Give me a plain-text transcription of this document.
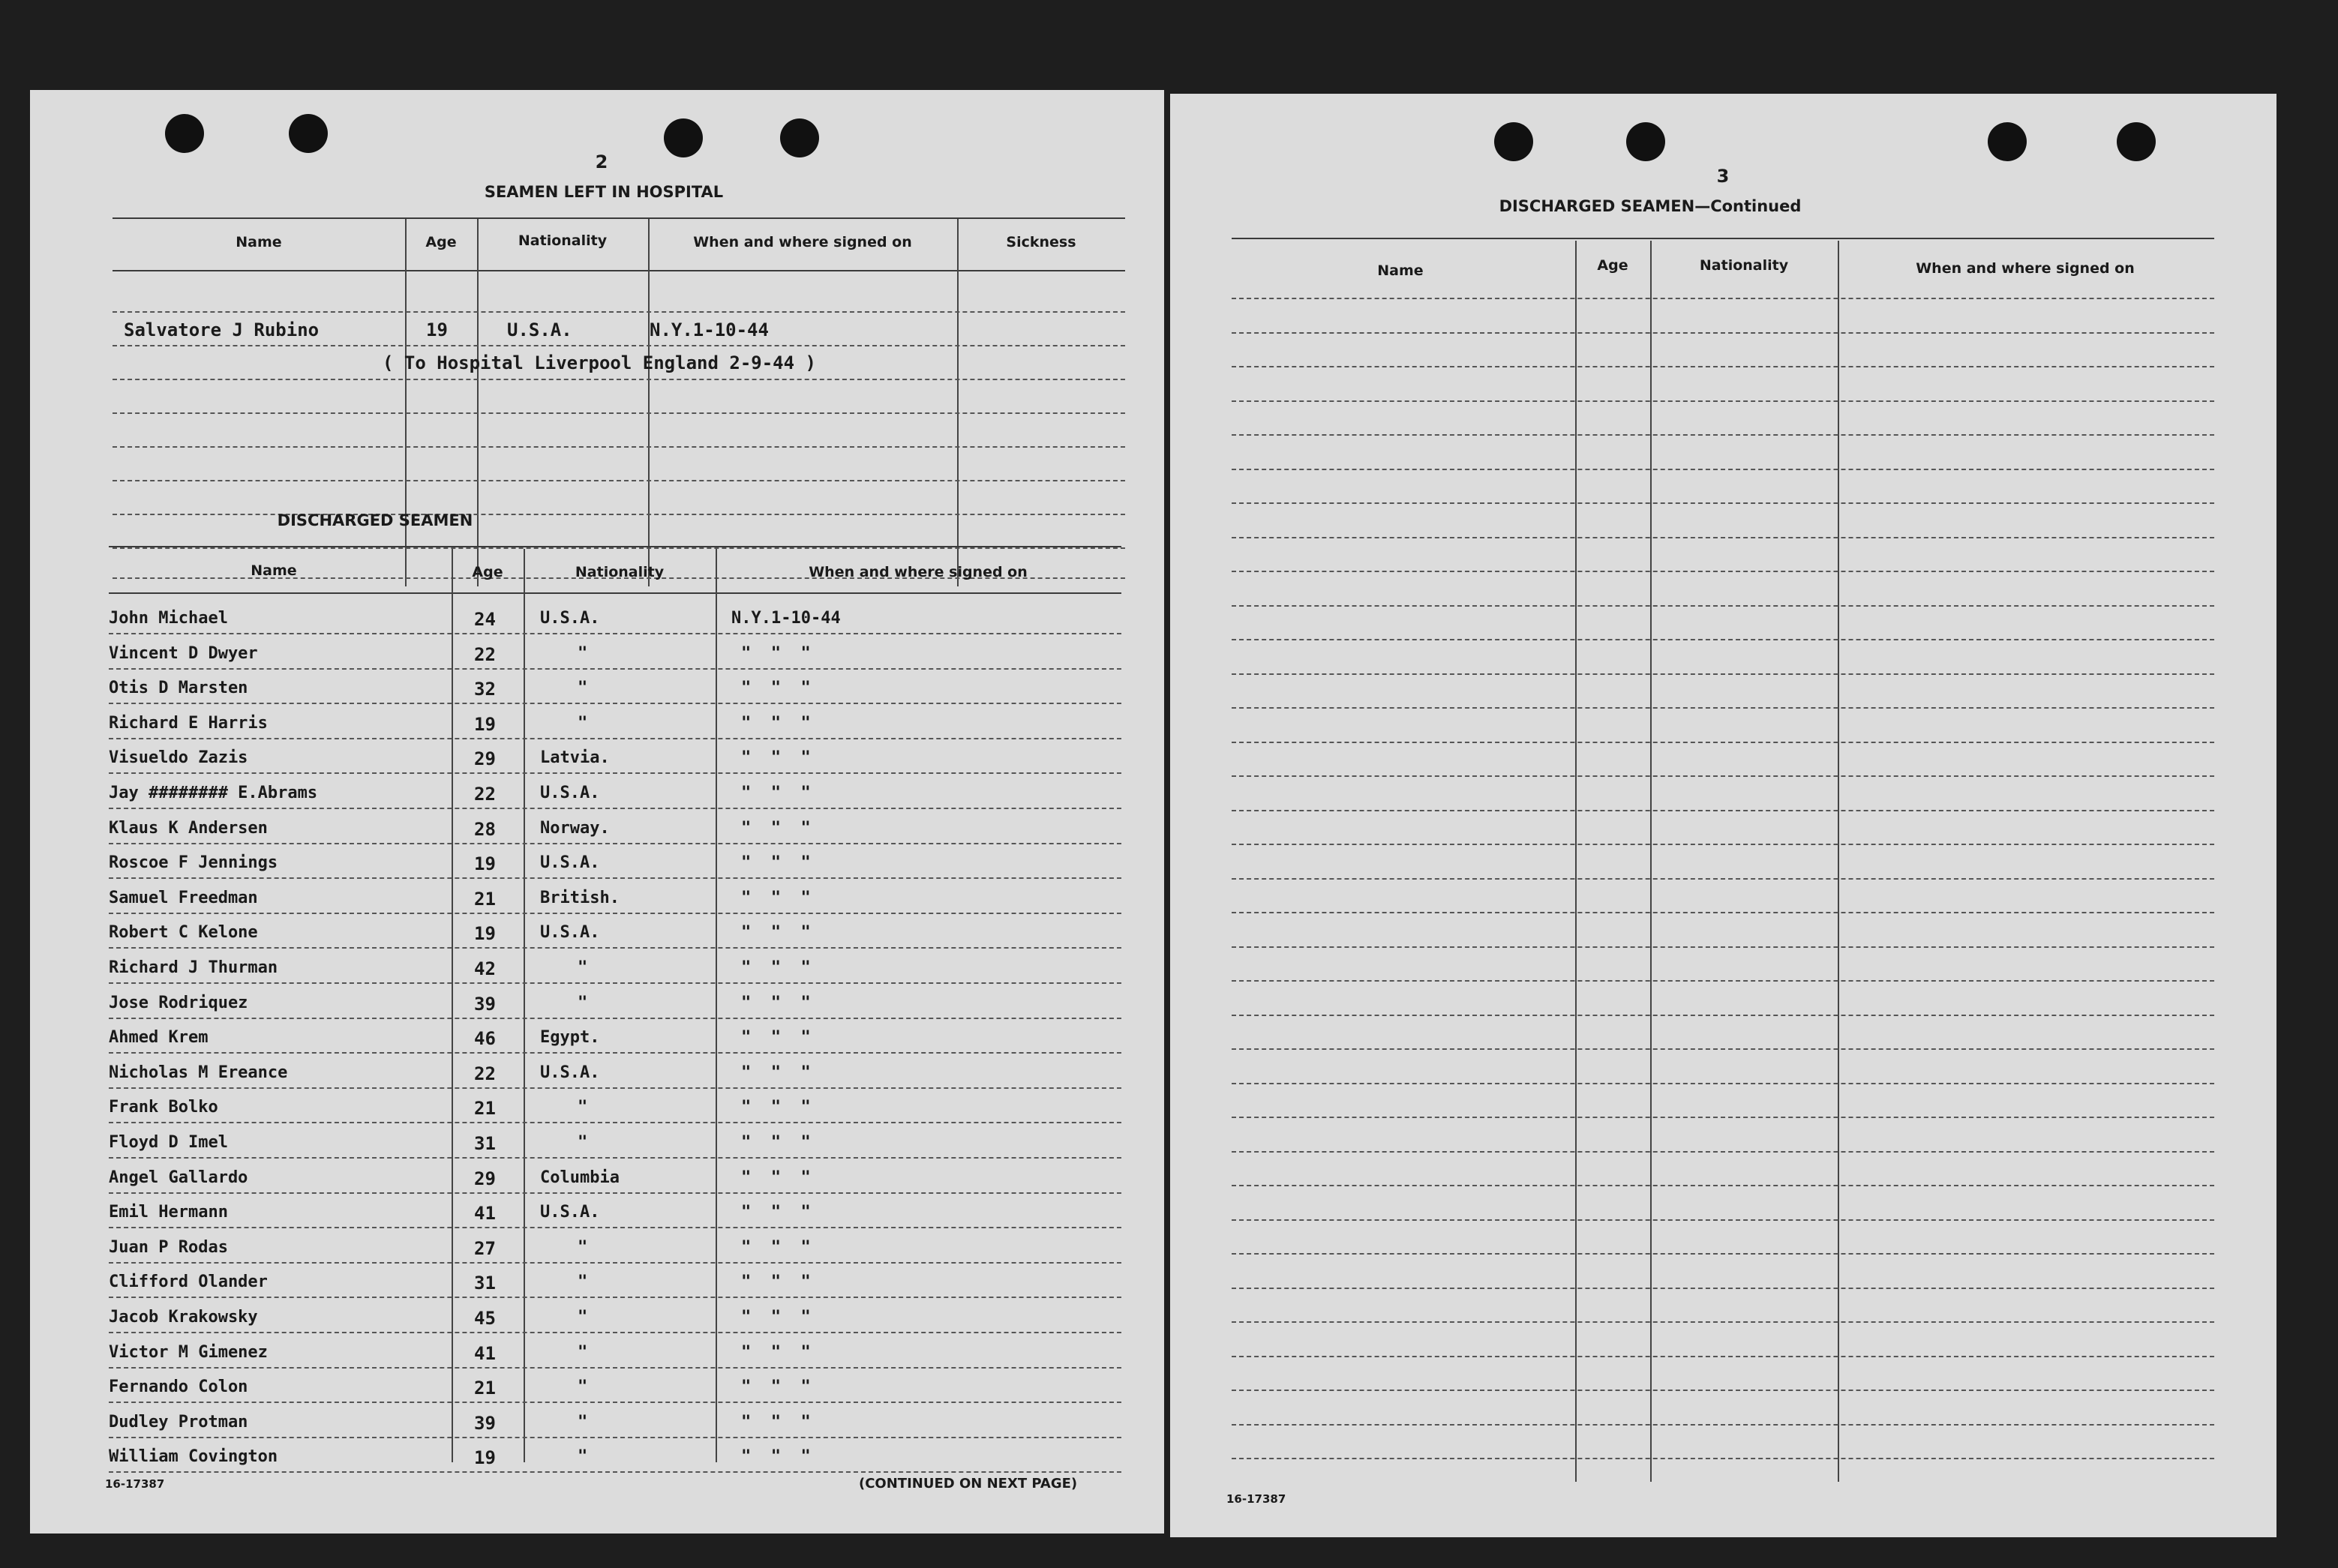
2
SEAMEN LEFT IN HOSPITAL
Name	Age	Nationality	When and where signed on	Sickness
Salvatore J Rubino	19	U.S.A.	N.Y.1-10-44
( To Hospital Liverpool England 2-9-44 )
DISCHARGED SEAMEN
Name	Age	Nationality	When and where signed on
John Michael	24	U.S.A.	N.Y.1-10-44
Vincent D Dwyer	22	"	"  "  "
Otis D Marsten	32	"	"  "  "
Richard E Harris	19	"	"  "  "
Visueldo Zazis	29	Latvia.	"  "  "
Jay ######## E.Abrams	22	U.S.A.	"  "  "
Klaus K Andersen	28	Norway.	"  "  "
Roscoe F Jennings	19	U.S.A.	"  "  "
Samuel Freedman	21	British.	"  "  "
Robert C Kelone	19	U.S.A.	"  "  "
Richard J Thurman	42	"	"  "  "
Jose Rodriquez	39	"	"  "  "
Ahmed Krem	46	Egypt.	"  "  "
Nicholas M Ereance	22	U.S.A.	"  "  "
Frank Bolko	21	"	"  "  "
Floyd D Imel	31	"	"  "  "
Angel Gallardo	29	Columbia	"  "  "
Emil Hermann	41	U.S.A.	"  "  "
Juan P Rodas	27	"	"  "  "
Clifford Olander	31	"	"  "  "
Jacob Krakowsky	45	"	"  "  "
Victor M Gimenez	41	"	"  "  "
Fernando Colon	21	"	"  "  "
Dudley Protman	39	"	"  "  "
William Covington	19	"	"  "  "
16-17387	(CONTINUED ON NEXT PAGE)
3
DISCHARGED SEAMEN—Continued
Name	Age	Nationality	When and where signed on
16-17387
